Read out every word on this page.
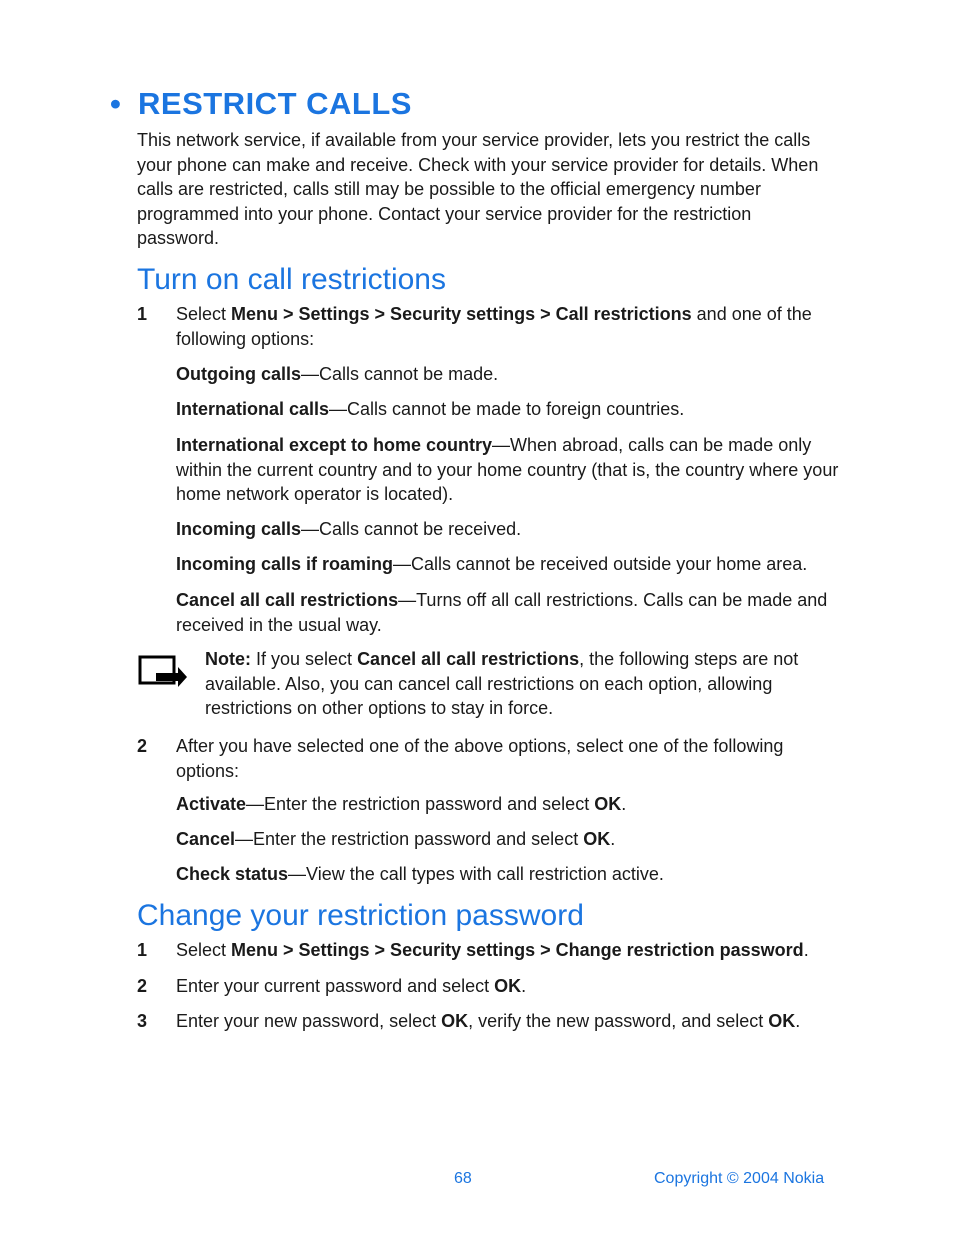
• RESTRICT CALLS

This network service, if available from your service provider, lets you restrict the calls your phone can make and receive. Check with your service provider for details. When calls are restricted, calls still may be possible to the official emergency number programmed into your phone. Contact your service provider for the restriction password.

Turn on call restrictions
1 Select Menu > Settings > Security settings > Call restrictions and one of the following options:

Outgoing calls—Calls cannot be made.

International calls—Calls cannot be made to foreign countries.

International except to home country—When abroad, calls can be made only within the current country and to your home country (that is, the country where your home network operator is located).

Incoming calls—Calls cannot be received.

Incoming calls if roaming—Calls cannot be received outside your home area.

Cancel all call restrictions—Turns off all call restrictions. Calls can be made and received in the usual way.

Note: If you select Cancel all call restrictions, the following steps are not available. Also, you can cancel call restrictions on each option, allowing restrictions on other options to stay in force.

2 After you have selected one of the above options, select one of the following options:

Activate—Enter the restriction password and select OK.

Cancel—Enter the restriction password and select OK.

Check status—View the call types with call restriction active.

Change your restriction password
1 Select Menu > Settings > Security settings > Change restriction password.

2 Enter your current password and select OK.

3 Enter your new password, select OK, verify the new password, and select OK.

68	Copyright © 2004 Nokia
